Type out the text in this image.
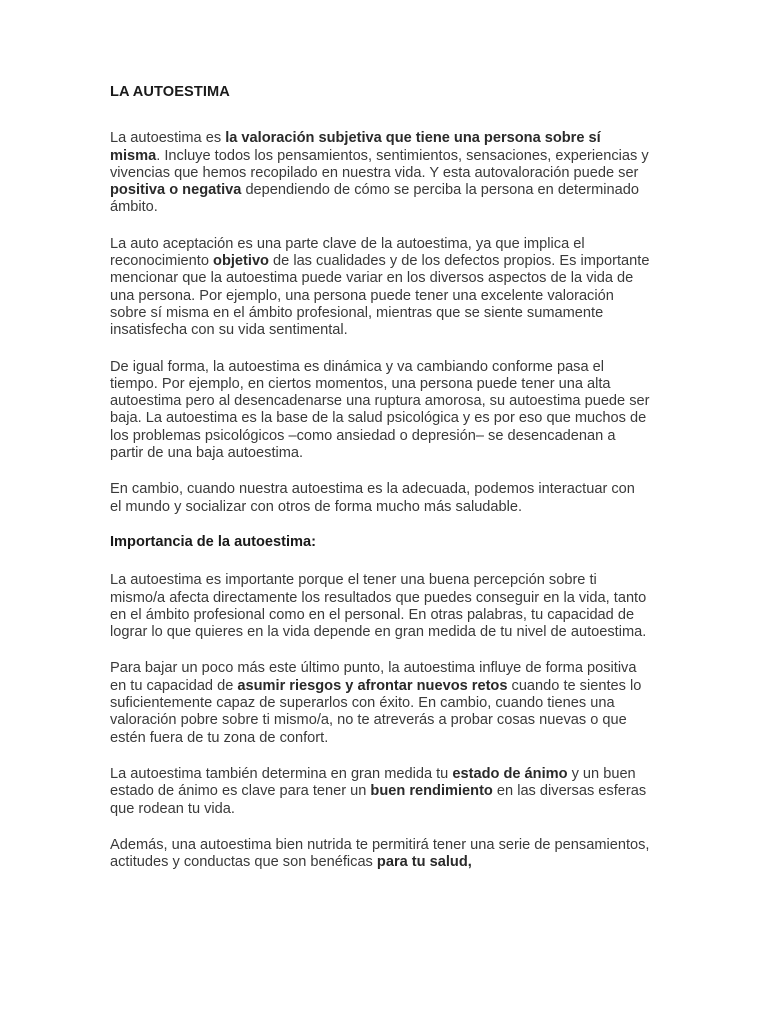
LA AUTOESTIMA

La autoestima es la valoración subjetiva que tiene una persona sobre sí misma. Incluye todos los pensamientos, sentimientos, sensaciones, experiencias y vivencias que hemos recopilado en nuestra vida. Y esta autovaloración puede ser positiva o negativa dependiendo de cómo se perciba la persona en determinado ámbito.

La auto aceptación es una parte clave de la autoestima, ya que implica el reconocimiento objetivo de las cualidades y de los defectos propios. Es importante mencionar que la autoestima puede variar en los diversos aspectos de la vida de una persona. Por ejemplo, una persona puede tener una excelente valoración sobre sí misma en el ámbito profesional, mientras que se siente sumamente insatisfecha con su vida sentimental.

De igual forma, la autoestima es dinámica y va cambiando conforme pasa el tiempo. Por ejemplo, en ciertos momentos, una persona puede tener una alta autoestima pero al desencadenarse una ruptura amorosa, su autoestima puede ser baja. La autoestima es la base de la salud psicológica y es por eso que muchos de los problemas psicológicos –como ansiedad o depresión– se desencadenan a partir de una baja autoestima.

En cambio, cuando nuestra autoestima es la adecuada, podemos interactuar con el mundo y socializar con otros de forma mucho más saludable.

Importancia de la autoestima:

La autoestima es importante porque el tener una buena percepción sobre ti mismo/a afecta directamente los resultados que puedes conseguir en la vida, tanto en el ámbito profesional como en el personal. En otras palabras, tu capacidad de lograr lo que quieres en la vida depende en gran medida de tu nivel de autoestima.

Para bajar un poco más este último punto, la autoestima influye de forma positiva en tu capacidad de asumir riesgos y afrontar nuevos retos cuando te sientes lo suficientemente capaz de superarlos con éxito. En cambio, cuando tienes una valoración pobre sobre ti mismo/a, no te atreverás a probar cosas nuevas o que estén fuera de tu zona de confort.

La autoestima también determina en gran medida tu estado de ánimo y un buen estado de ánimo es clave para tener un buen rendimiento en las diversas esferas que rodean tu vida.

Además, una autoestima bien nutrida te permitirá tener una serie de pensamientos, actitudes y conductas que son benéficas para tu salud,
